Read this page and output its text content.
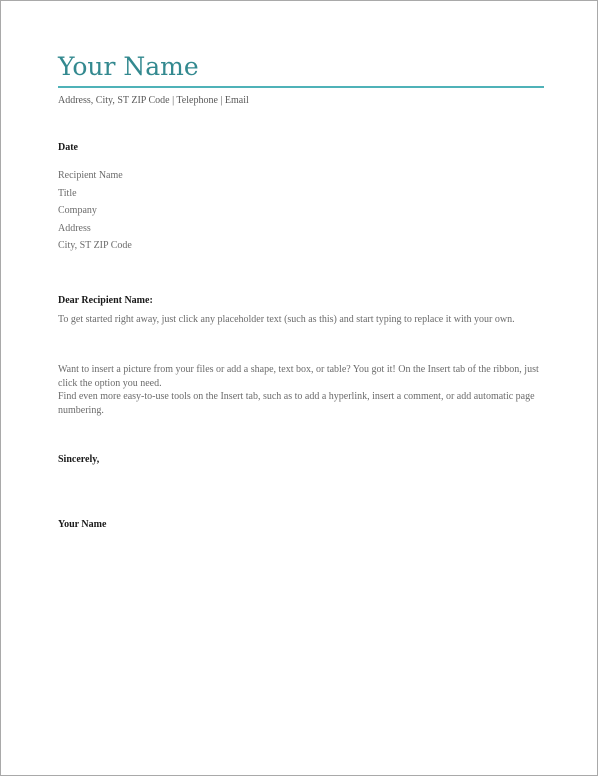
Your Name
Address, City, ST ZIP Code | Telephone | Email
Date
Recipient Name
Title
Company
Address
City, ST ZIP Code
Dear Recipient Name:

To get started right away, just click any placeholder text (such as this) and start typing to replace it with your own.

Want to insert a picture from your files or add a shape, text box, or table? You got it! On the Insert tab of the ribbon, just click the option you need.

Find even more easy-to-use tools on the Insert tab, such as to add a hyperlink, insert a comment, or add automatic page numbering.

Sincerely,
Your Name
